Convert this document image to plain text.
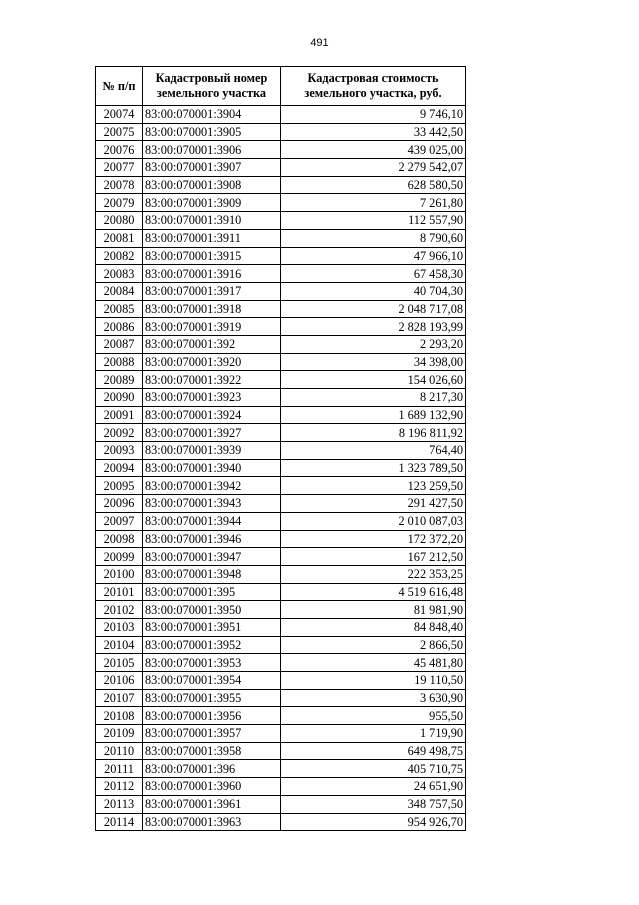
491
№ п/п	Кадастровый номер земельного участка	Кадастровая стоимость земельного участка, руб.
20074	83:00:070001:3904	9 746,10
20075	83:00:070001:3905	33 442,50
20076	83:00:070001:3906	439 025,00
20077	83:00:070001:3907	2 279 542,07
20078	83:00:070001:3908	628 580,50
20079	83:00:070001:3909	7 261,80
20080	83:00:070001:3910	112 557,90
20081	83:00:070001:3911	8 790,60
20082	83:00:070001:3915	47 966,10
20083	83:00:070001:3916	67 458,30
20084	83:00:070001:3917	40 704,30
20085	83:00:070001:3918	2 048 717,08
20086	83:00:070001:3919	2 828 193,99
20087	83:00:070001:392	2 293,20
20088	83:00:070001:3920	34 398,00
20089	83:00:070001:3922	154 026,60
20090	83:00:070001:3923	8 217,30
20091	83:00:070001:3924	1 689 132,90
20092	83:00:070001:3927	8 196 811,92
20093	83:00:070001:3939	764,40
20094	83:00:070001:3940	1 323 789,50
20095	83:00:070001:3942	123 259,50
20096	83:00:070001:3943	291 427,50
20097	83:00:070001:3944	2 010 087,03
20098	83:00:070001:3946	172 372,20
20099	83:00:070001:3947	167 212,50
20100	83:00:070001:3948	222 353,25
20101	83:00:070001:395	4 519 616,48
20102	83:00:070001:3950	81 981,90
20103	83:00:070001:3951	84 848,40
20104	83:00:070001:3952	2 866,50
20105	83:00:070001:3953	45 481,80
20106	83:00:070001:3954	19 110,50
20107	83:00:070001:3955	3 630,90
20108	83:00:070001:3956	955,50
20109	83:00:070001:3957	1 719,90
20110	83:00:070001:3958	649 498,75
20111	83:00:070001:396	405 710,75
20112	83:00:070001:3960	24 651,90
20113	83:00:070001:3961	348 757,50
20114	83:00:070001:3963	954 926,70
